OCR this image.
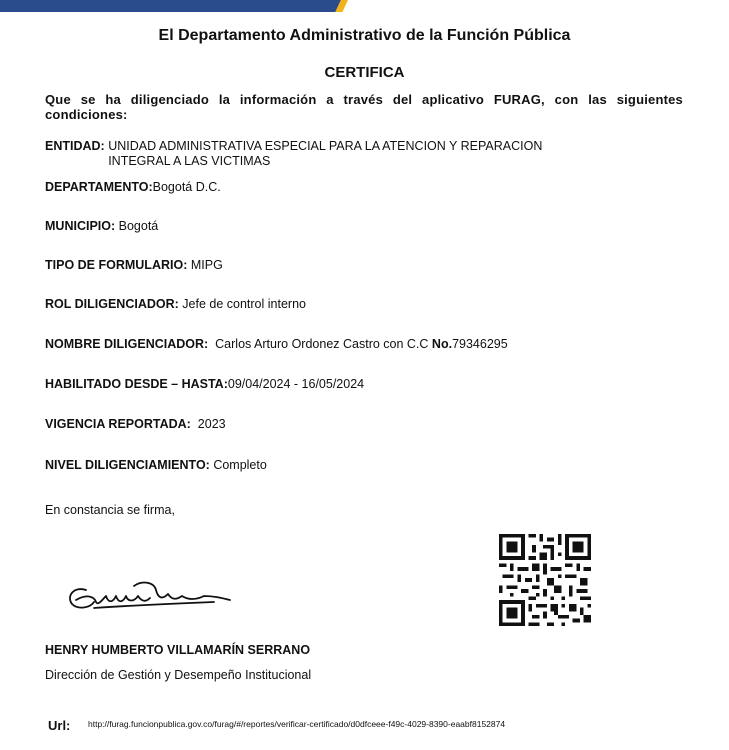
El Departamento Administrativo de la Función Pública
CERTIFICA
Que se ha diligenciado la información a través del aplicativo FURAG, con las siguientes condiciones:
ENTIDAD:
UNIDAD ADMINISTRATIVA ESPECIAL PARA LA ATENCION Y REPARACION INTEGRAL A LAS VICTIMAS
DEPARTAMENTO: Bogotá D.C.
MUNICIPIO:
Bogotá
TIPO DE FORMULARIO:
MIPG
ROL DILIGENCIADOR:
Jefe de control interno
NOMBRE DILIGENCIADOR:
Carlos Arturo Ordonez Castro con C.C
No. 79346295
HABILITADO DESDE – HASTA: 09/04/2024 - 16/05/2024
VIGENCIA REPORTADA:
2023
NIVEL DILIGENCIAMIENTO:
Completo
En constancia se firma,
HENRY HUMBERTO VILLAMARÍN SERRANO
Dirección de Gestión y Desempeño Institucional
Url: http://furag.funcionpublica.gov.co/furag/#/reportes/verificar-certificado/d0dfceee-f49c-4029-8390-eaabf8152874
